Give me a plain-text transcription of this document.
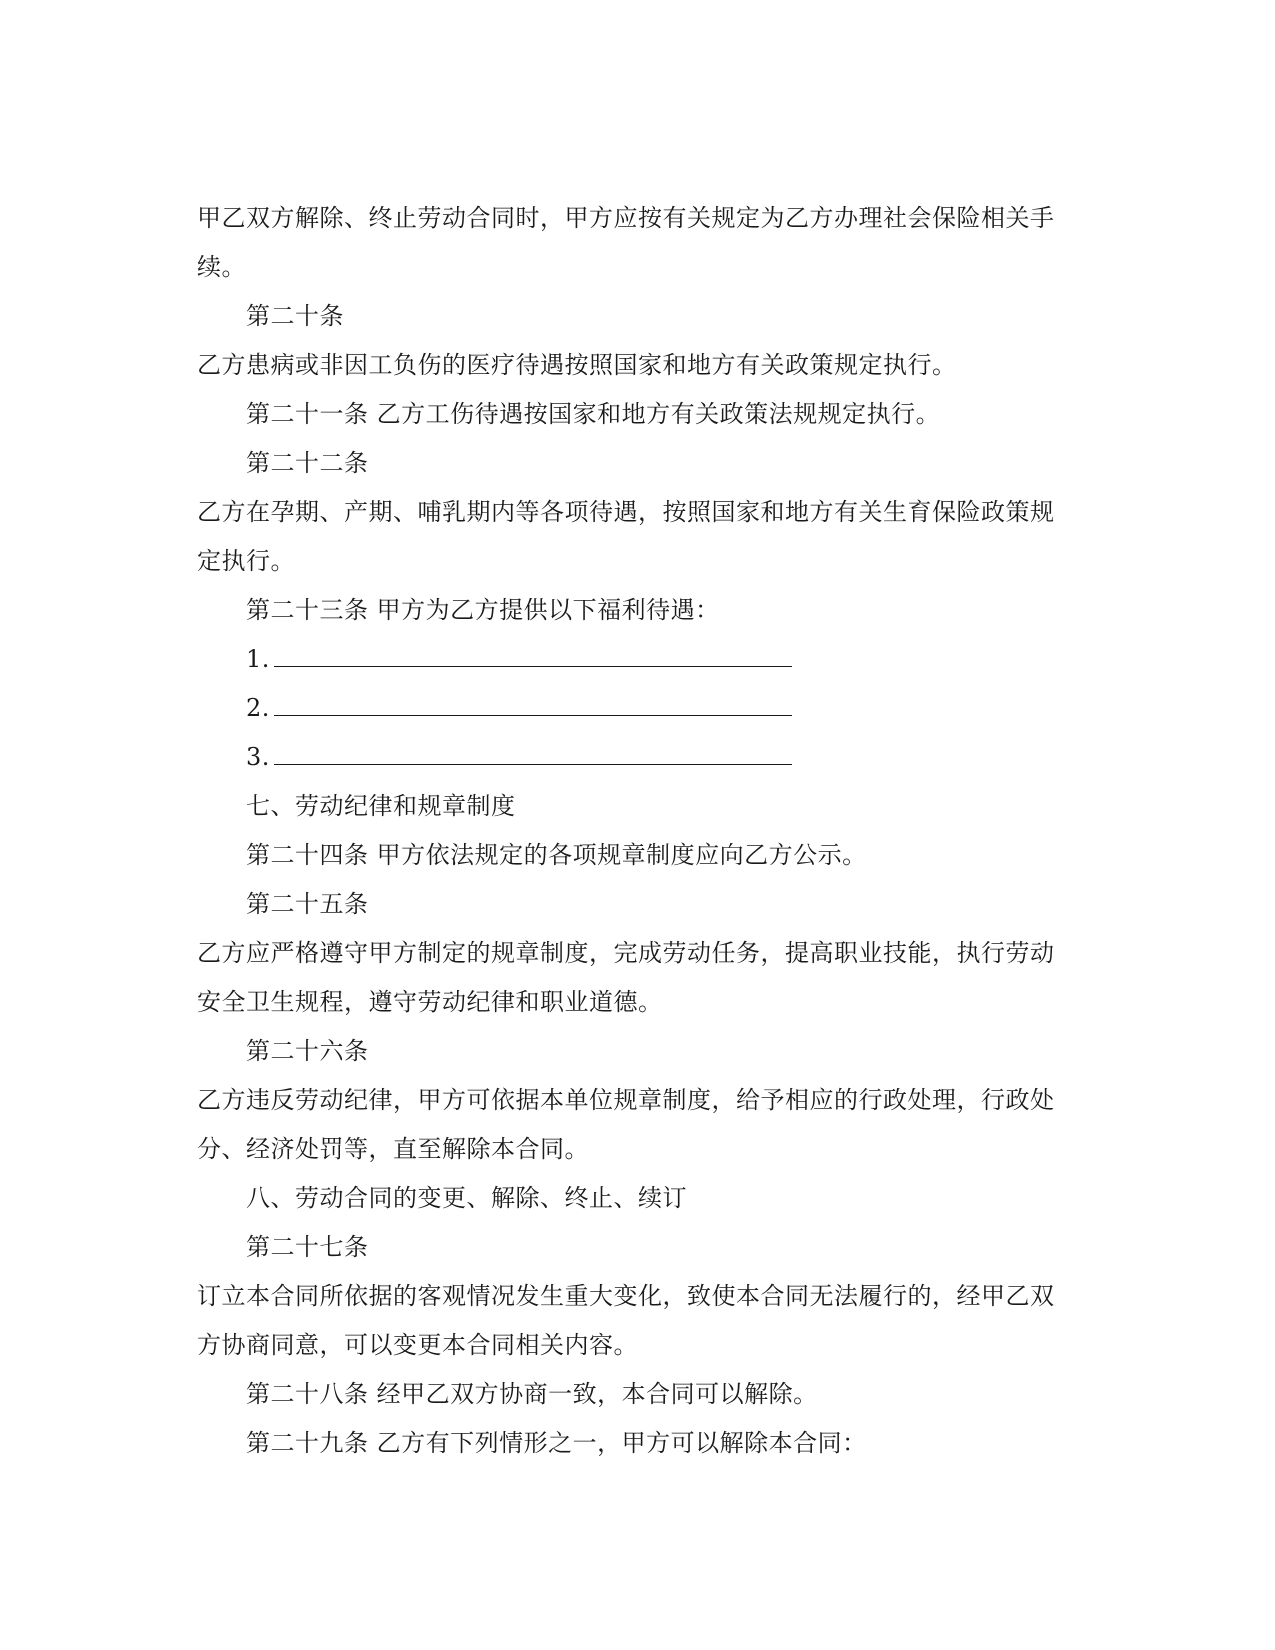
甲乙双方解除、终止劳动合同时，甲方应按有关规定为乙方办理社会保险相关手
续。
第二十条
乙方患病或非因工负伤的医疗待遇按照国家和地方有关政策规定执行。
第二十一条 乙方工伤待遇按国家和地方有关政策法规规定执行。
第二十二条
乙方在孕期、产期、哺乳期内等各项待遇，按照国家和地方有关生育保险政策规
定执行。
第二十三条 甲方为乙方提供以下福利待遇：
1.
2.
3.
七、劳动纪律和规章制度
第二十四条 甲方依法规定的各项规章制度应向乙方公示。
第二十五条
乙方应严格遵守甲方制定的规章制度，完成劳动任务，提高职业技能，执行劳动
安全卫生规程，遵守劳动纪律和职业道德。
第二十六条
乙方违反劳动纪律，甲方可依据本单位规章制度，给予相应的行政处理，行政处
分、经济处罚等，直至解除本合同。
八、劳动合同的变更、解除、终止、续订
第二十七条
订立本合同所依据的客观情况发生重大变化，致使本合同无法履行的，经甲乙双
方协商同意，可以变更本合同相关内容。
第二十八条 经甲乙双方协商一致，本合同可以解除。
第二十九条 乙方有下列情形之一，甲方可以解除本合同：
